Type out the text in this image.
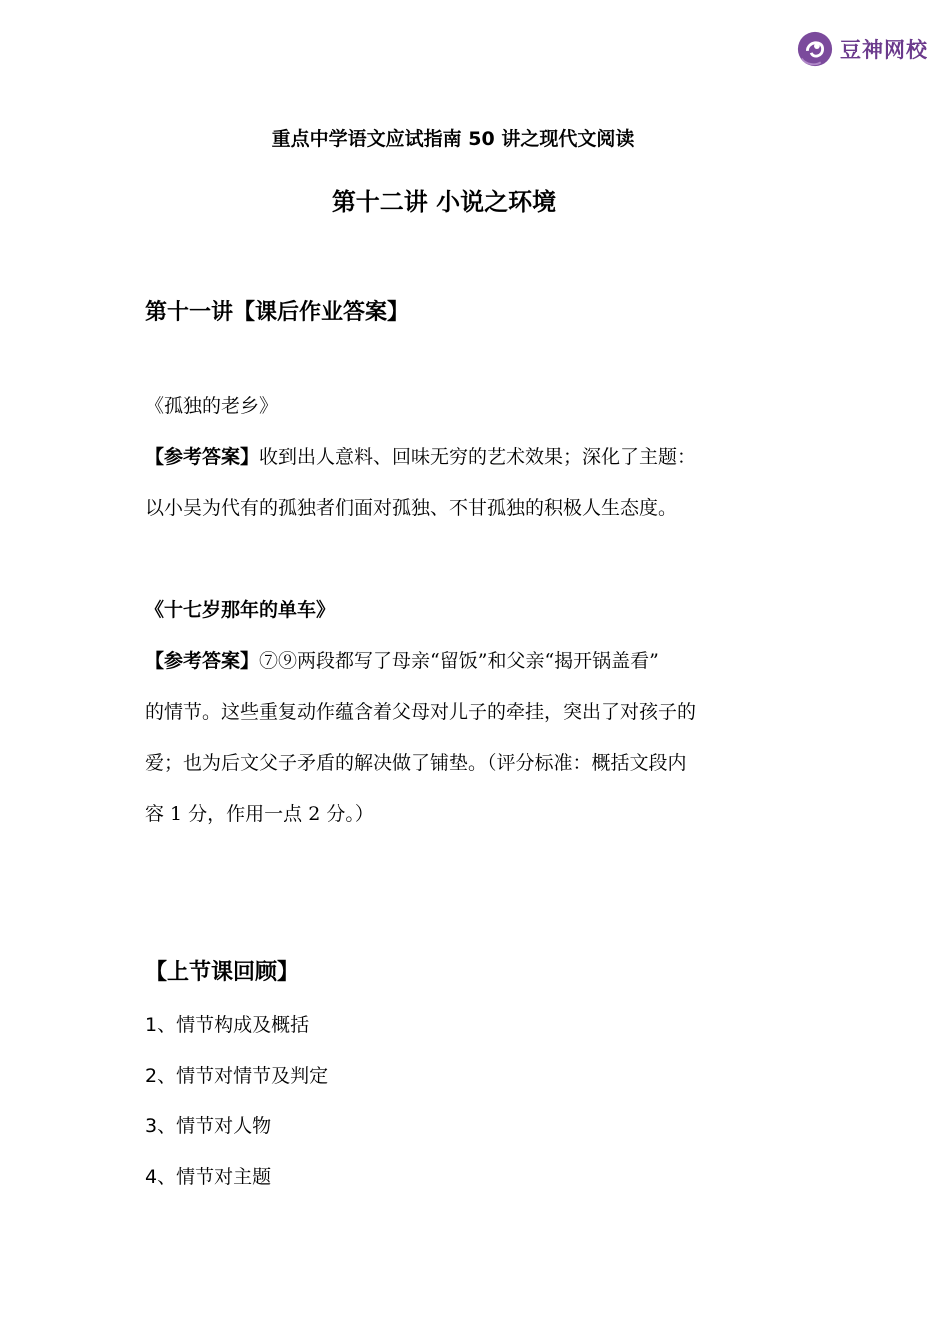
豆神网校
重点中学语文应试指南 50 讲之现代文阅读
第十二讲 小说之环境
第十一讲【课后作业答案】
《孤独的老乡》
【参考答案】收到出人意料、回味无穷的艺术效果；深化了主题：
以小吴为代有的孤独者们面对孤独、不甘孤独的积极人生态度。
《十七岁那年的单车》
【参考答案】⑦⑨两段都写了母亲“留饭”和父亲“揭开锅盖看”
的情节。这些重复动作蕴含着父母对儿子的牵挂，突出了对孩子的
爱；也为后文父子矛盾的解决做了铺垫。（评分标准：概括文段内
容 1 分，作用一点 2 分。）
【上节课回顾】
1、情节构成及概括
2、情节对情节及判定
3、情节对人物
4、情节对主题
